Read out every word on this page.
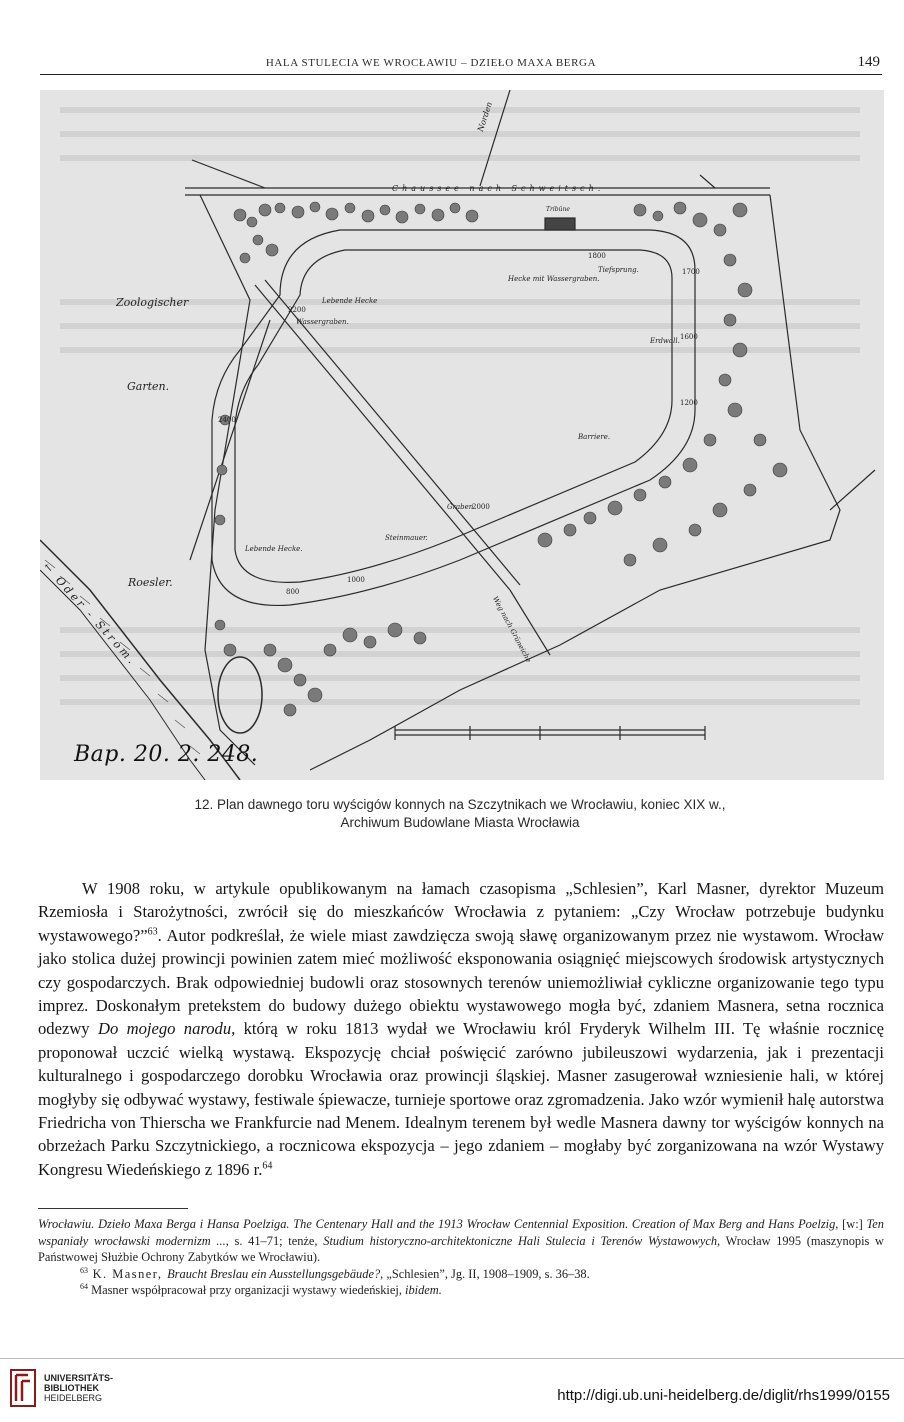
HALA STULECIA WE WROCŁAWIU – DZIEŁO MAXA BERGA	149
Zoologischer
Garten.
Roesler.
Chaussee nach Schweitsch.
Norden
← Oder - Strom.
Lebende Hecke
Wassergraben.
Lebende Hecke.
Barriere.
Steinmauer.
Graben
Erdwall.
Tiefsprung.
Hecke mit Wassergraben.
Tribüne
Weg nach Grüneiche
2400
2200
800
1000
1800
2000
1700
1200
1600
Bap. 20. 2. 248.
12. Plan dawnego toru wyścigów konnych na Szczytnikach we Wrocławiu, koniec XIX w.,
Archiwum Budowlane Miasta Wrocławia

W 1908 roku, w artykule opublikowanym na łamach czasopisma „Schlesien”, Karl Masner, dyrektor Muzeum Rzemiosła i Starożytności, zwrócił się do mieszkańców Wrocławia z pytaniem: „Czy Wrocław potrzebuje budynku wystawowego?”$^{63}$. Autor podkreślał, że wiele miast zawdzięcza swoją sławę organizowanym przez nie wystawom. Wrocław jako stolica dużej prowincji powinien zatem mieć możliwość eksponowania osiągnięć miejscowych środowisk artystycznych czy gospodarczych. Brak odpowiedniej budowli oraz stosownych terenów uniemożliwiał cykliczne organizowanie tego typu imprez. Doskonałym pretekstem do budowy dużego obiektu wystawowego mogła być, zdaniem Masnera, setna rocznica odezwy Do mojego narodu, którą w roku 1813 wydał we Wrocławiu król Fryderyk Wilhelm III. Tę właśnie rocznicę proponował uczcić wielką wystawą. Ekspozycję chciał poświęcić zarówno jubileuszowi wydarzenia, jak i prezentacji kulturalnego i gospodarczego dorobku Wrocławia oraz prowincji śląskiej. Masner zasugerował wzniesienie hali, w której mogłyby się odbywać wystawy, festiwale śpiewacze, turnieje sportowe oraz zgromadzenia. Jako wzór wymienił halę autorstwa Friedricha von Thierscha we Frankfurcie nad Menem. Idealnym terenem był wedle Masnera dawny tor wyścigów konnych na obrzeżach Parku Szczytnickiego, a rocznicowa ekspozycja – jego zdaniem – mogłaby być zorganizowana na wzór Wystawy Kongresu Wiedeńskiego z 1896 r.$^{64}$

Wrocławiu. Dzieło Maxa Berga i Hansa Poelziga. The Centenary Hall and the 1913 Wrocław Centennial Exposition. Creation of Max Berg and Hans Poelzig, [w:] Ten wspaniały wrocławski modernizm ..., s. 41–71; tenże, Studium historyczno-architektoniczne Hali Stulecia i Terenów Wystawowych, Wrocław 1995 (maszynopis w Państwowej Służbie Ochrony Zabytków we Wrocławiu).

$^{63}$ K. Masner, Braucht Breslau ein Ausstellungsgebäude?, „Schlesien”, Jg. II, 1908–1909, s. 36–38.

$^{64}$ Masner współpracował przy organizacji wystawy wiedeńskiej, ibidem.

UNIVERSITÄTS-
BIBLIOTHEK
HEIDELBERG	http://digi.ub.uni-heidelberg.de/diglit/rhs1999/0155
